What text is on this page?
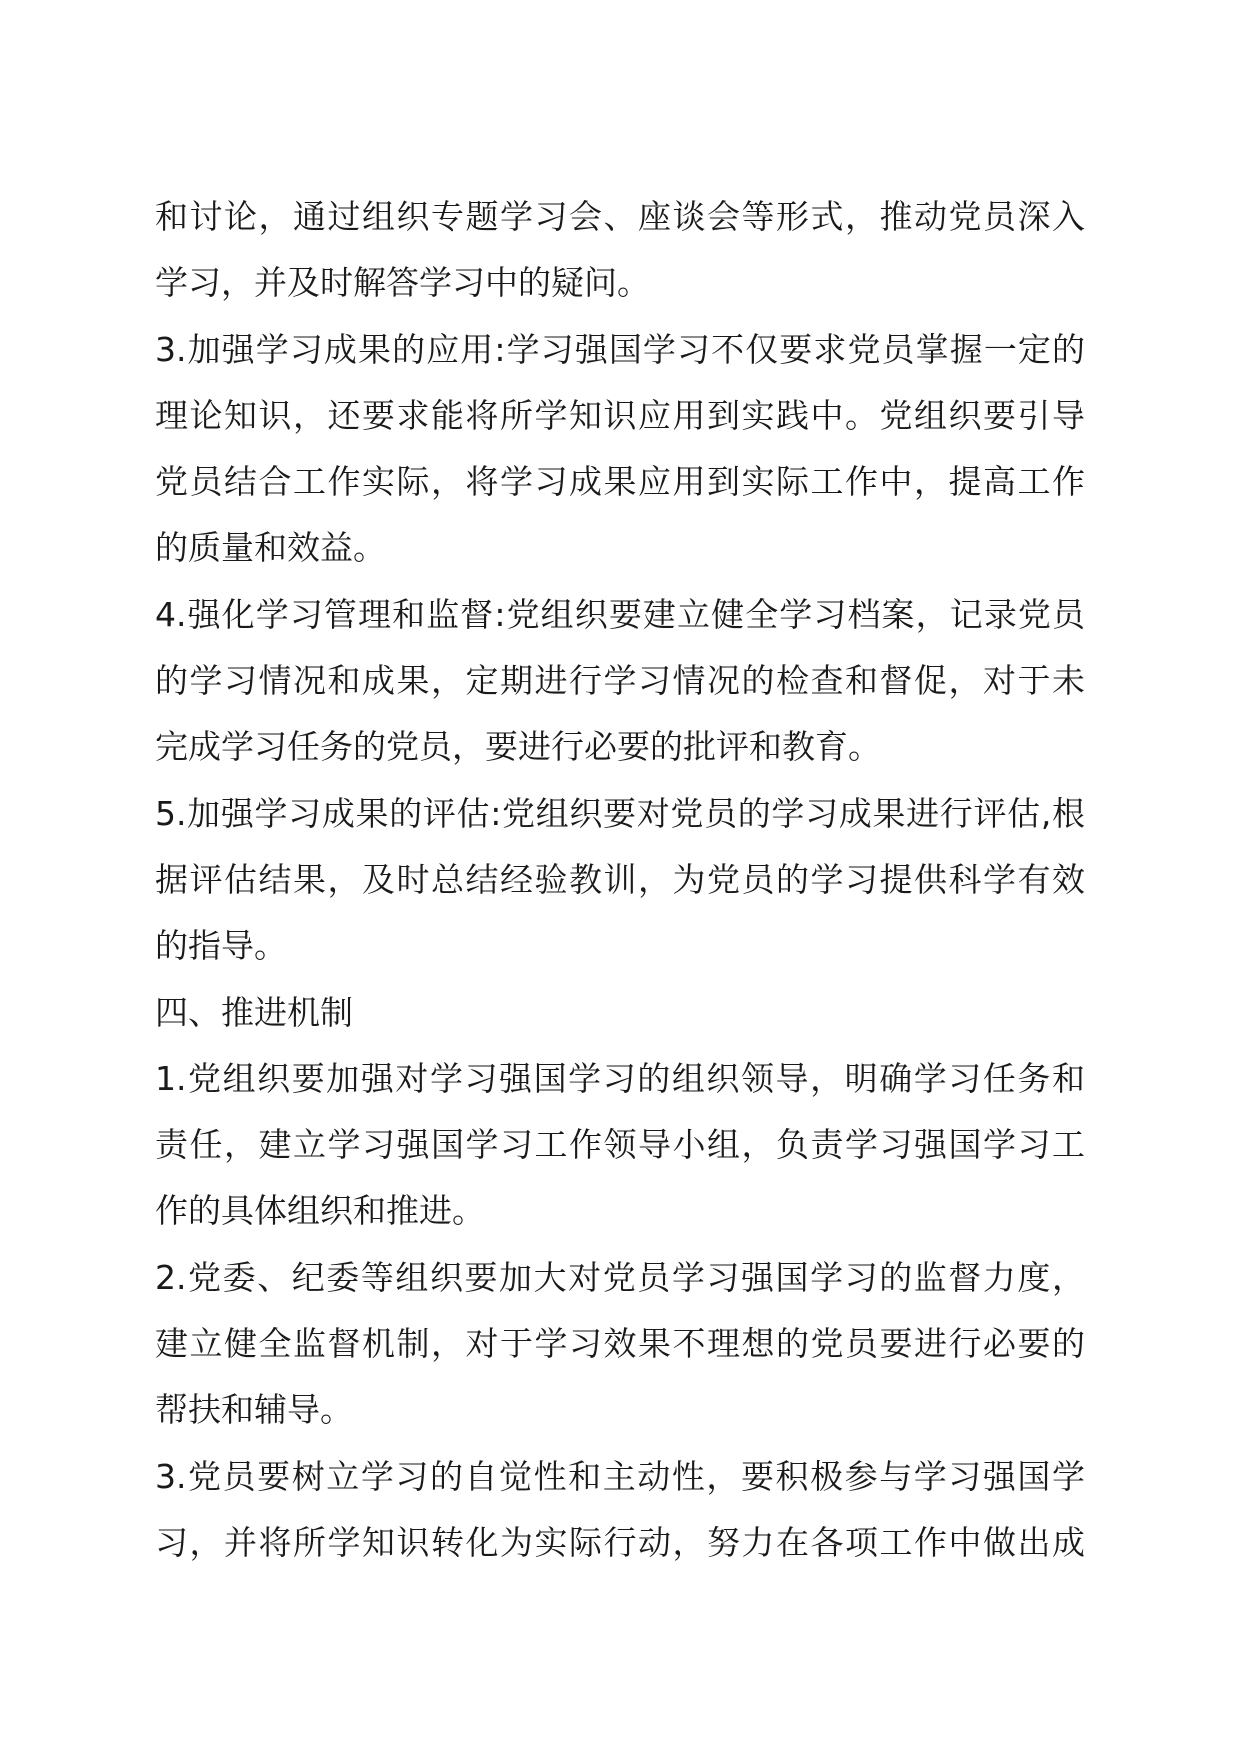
和讨论，通过组织专题学习会、座谈会等形式，推动党员深入
学习，并及时解答学习中的疑问。
3.加强学习成果的应用:学习强国学习不仅要求党员掌握一定的
理论知识，还要求能将所学知识应用到实践中。党组织要引导
党员结合工作实际，将学习成果应用到实际工作中，提高工作
的质量和效益。
4.强化学习管理和监督:党组织要建立健全学习档案，记录党员
的学习情况和成果，定期进行学习情况的检查和督促，对于未
完成学习任务的党员，要进行必要的批评和教育。
5.加强学习成果的评估:党组织要对党员的学习成果进行评估,根
据评估结果，及时总结经验教训，为党员的学习提供科学有效
的指导。
四、推进机制
1.党组织要加强对学习强国学习的组织领导，明确学习任务和
责任，建立学习强国学习工作领导小组，负责学习强国学习工
作的具体组织和推进。
2.党委、纪委等组织要加大对党员学习强国学习的监督力度，
建立健全监督机制，对于学习效果不理想的党员要进行必要的
帮扶和辅导。
3.党员要树立学习的自觉性和主动性，要积极参与学习强国学
习，并将所学知识转化为实际行动，努力在各项工作中做出成
